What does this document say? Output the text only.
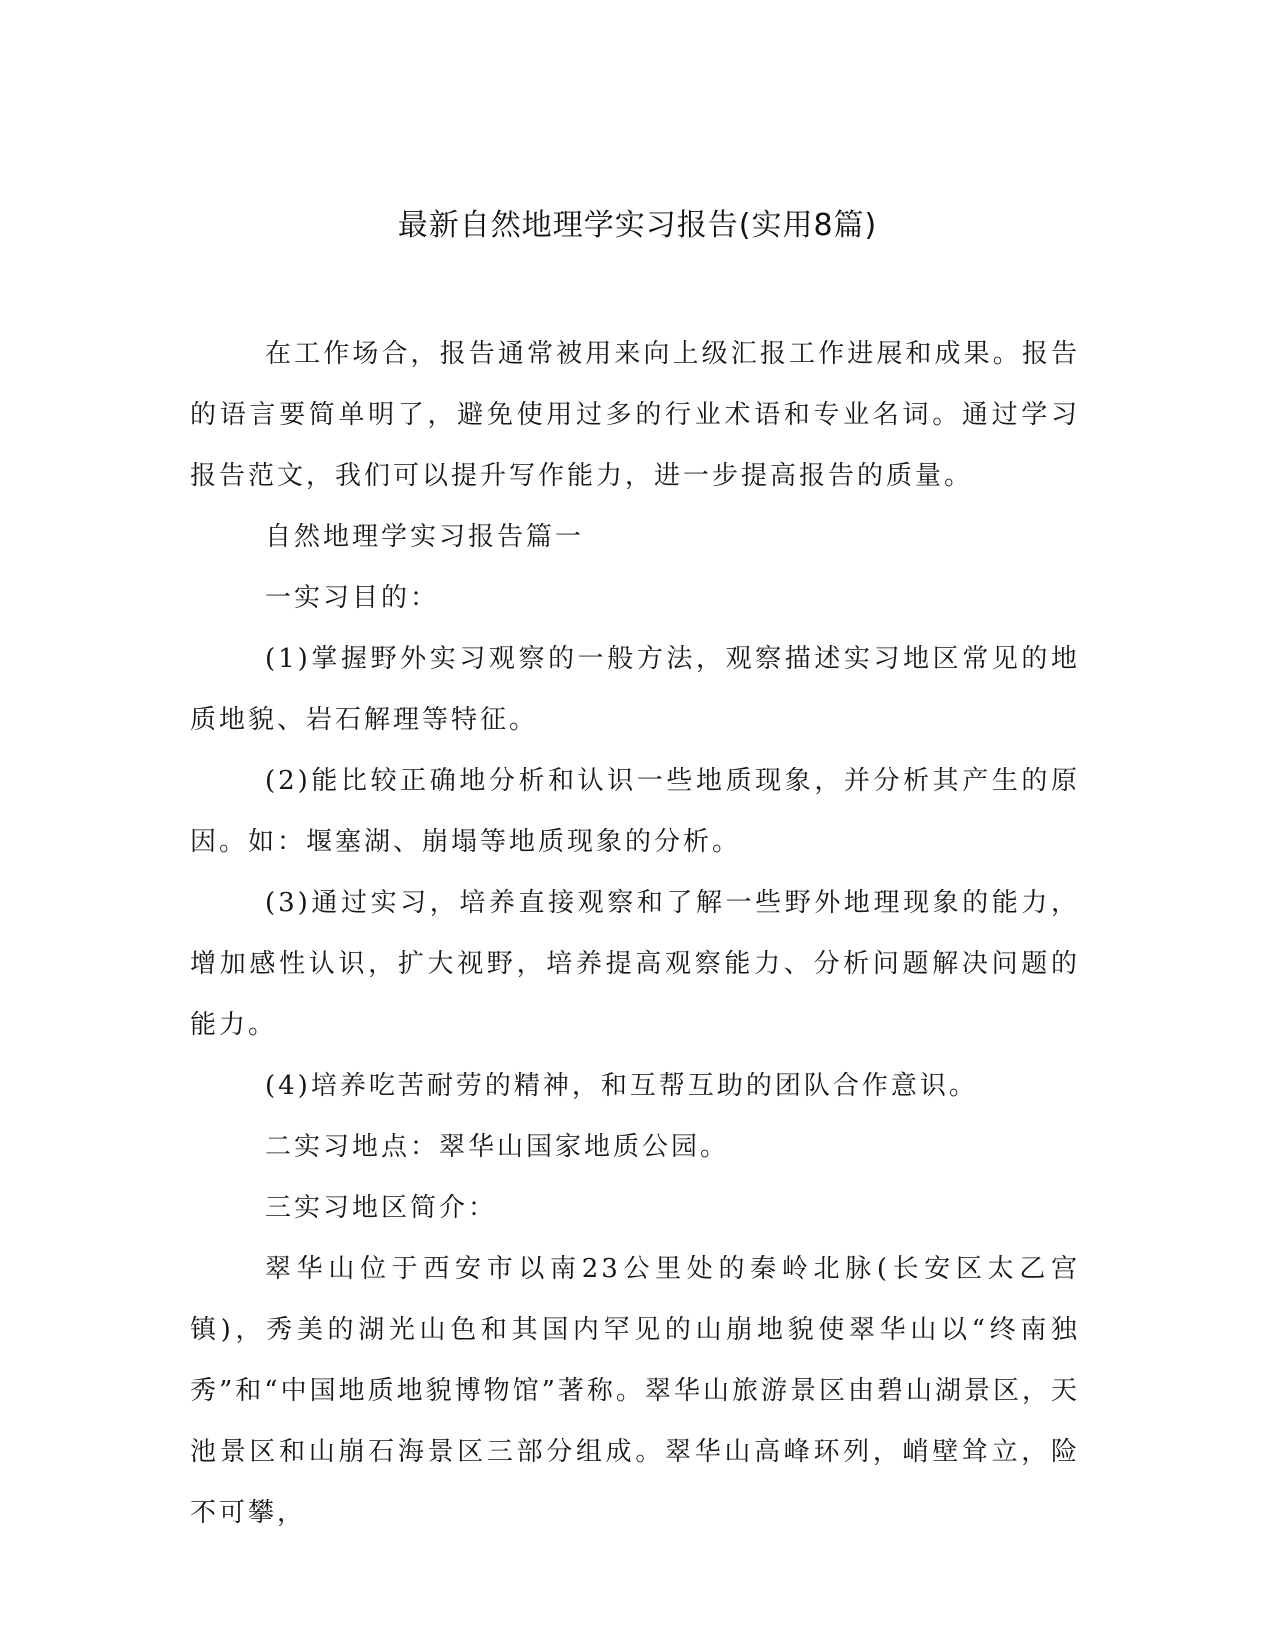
最新自然地理学实习报告(实用8篇)

在工作场合，报告通常被用来向上级汇报工作进展和成果。报告的语言要简单明了，避免使用过多的行业术语和专业名词。通过学习报告范文，我们可以提升写作能力，进一步提高报告的质量。

自然地理学实习报告篇一

一实习目的：

(1)掌握野外实习观察的一般方法，观察描述实习地区常见的地质地貌、岩石解理等特征。

(2)能比较正确地分析和认识一些地质现象，并分析其产生的原因。如：堰塞湖、崩塌等地质现象的分析。

(3)通过实习，培养直接观察和了解一些野外地理现象的能力，增加感性认识，扩大视野，培养提高观察能力、分析问题解决问题的能力。

(4)培养吃苦耐劳的精神，和互帮互助的团队合作意识。

二实习地点：翠华山国家地质公园。

三实习地区简介：

翠华山位于西安市以南23公里处的秦岭北脉(长安区太乙宫镇)，秀美的湖光山色和其国内罕见的山崩地貌使翠华山以“终南独秀”和“中国地质地貌博物馆”著称。翠华山旅游景区由碧山湖景区，天池景区和山崩石海景区三部分组成。翠华山高峰环列，峭壁耸立，险不可攀，
